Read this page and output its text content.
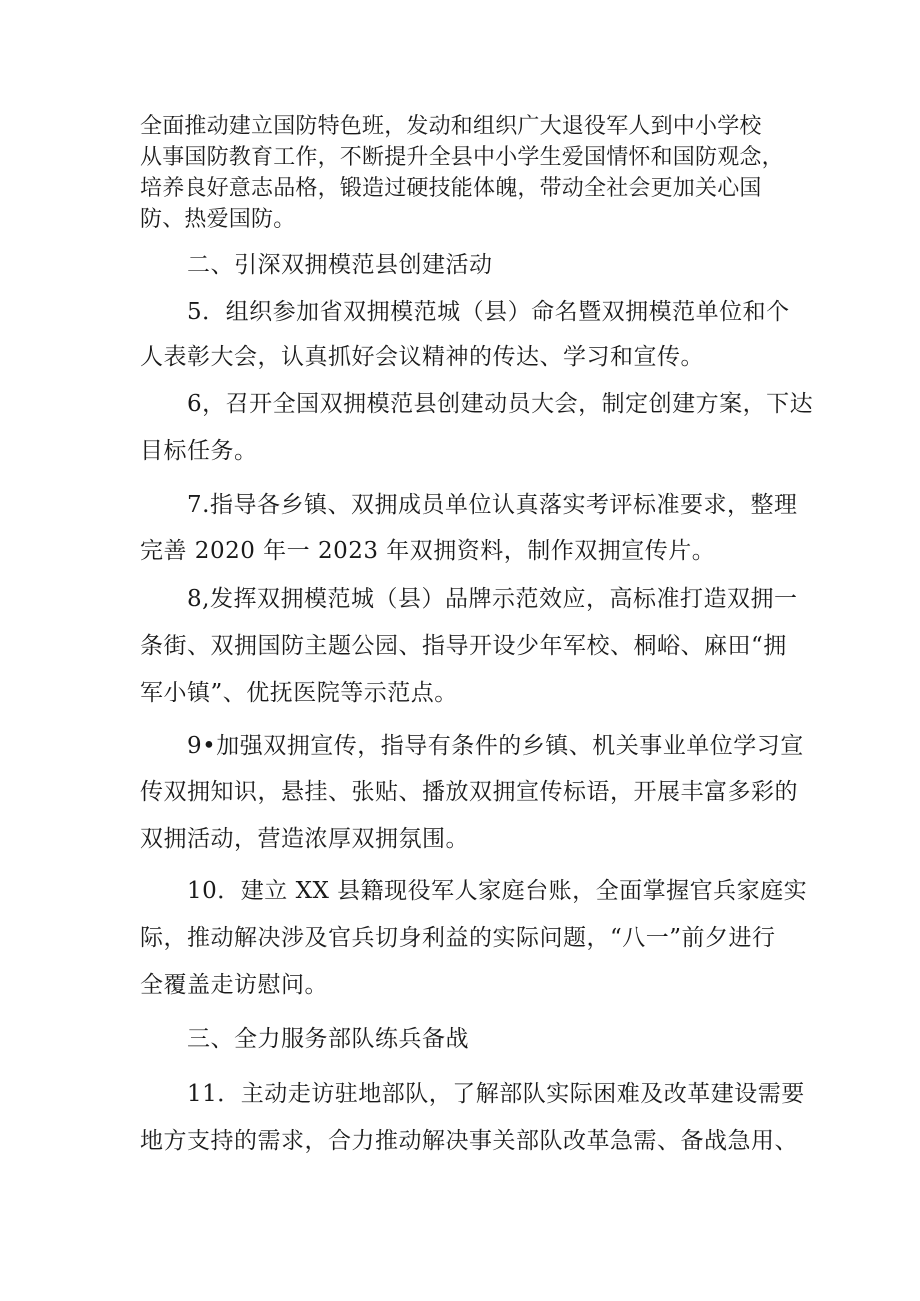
全面推动建立国防特色班，发动和组织广大退役军人到中小学校
从事国防教育工作，不断提升全县中小学生爱国情怀和国防观念，
培养良好意志品格，锻造过硬技能体魄，带动全社会更加关心国
防、热爱国防。
二、引深双拥模范县创建活动
5．组织参加省双拥模范城（县）命名暨双拥模范单位和个
人表彰大会，认真抓好会议精神的传达、学习和宣传。
6，召开全国双拥模范县创建动员大会，制定创建方案，下达
目标任务。
7.指导各乡镇、双拥成员单位认真落实考评标准要求，整理
完善 2020 年一 2023 年双拥资料，制作双拥宣传片。
8,发挥双拥模范城（县）品牌示范效应，高标准打造双拥一
条街、双拥国防主题公园、指导开设少年军校、桐峪、麻田“拥
军小镇”、优抚医院等示范点。
9•加强双拥宣传，指导有条件的乡镇、机关事业单位学习宣
传双拥知识，悬挂、张贴、播放双拥宣传标语，开展丰富多彩的
双拥活动，营造浓厚双拥氛围。
10．建立 XX 县籍现役军人家庭台账，全面掌握官兵家庭实
际，推动解决涉及官兵切身利益的实际问题，“八一”前夕进行
全覆盖走访慰问。
三、全力服务部队练兵备战
11．主动走访驻地部队，了解部队实际困难及改革建设需要
地方支持的需求，合力推动解决事关部队改革急需、备战急用、
